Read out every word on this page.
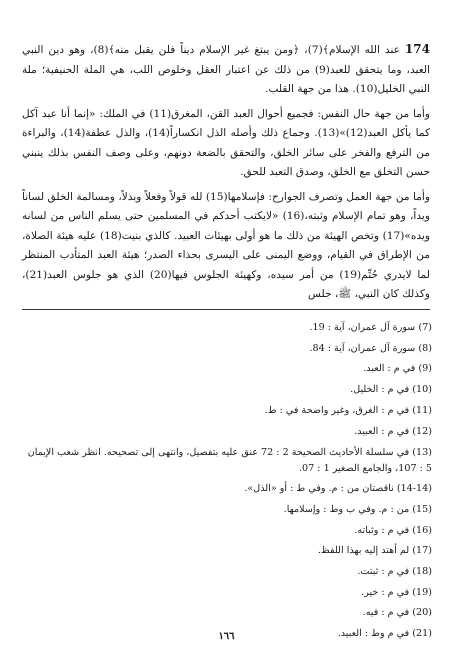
174 عند الله الإسلام﴾(7)، ﴿ومن يبتغ غير الإسلام ديناً فلن يقبل منه﴾(8)، وهو دين النبي العبد، وما يتحقق للعبد(9) من ذلك عن اعتبار العقل وخلوص اللب، هي الملة الحنيفية؛ ملة النبي الخليل(10). هذا من جهة القلب.

وأما من جهة حال النفس: فجميع أحوال العبد القن، المغرق(11) في الملك: «إنما أنا عبد آكل كما يأكل العبد(12)»(13). وجماع ذلك وأصله الذل انكساراً(14)، والذل عطفة(14)، والبراءة من الترفع والفخر على سائر الخلق، والتحقق بالضعة دونهم، وعلى وصف النفس بذلك ينبني حسن التخلق مع الخلق، وصدق التعبد للحق.

وأما من جهة العمل وتصرف الجوارح: فإسلامها(15) لله قولاً وفعلاً وبذلاً، ومسالمة الخلق لساناً ويداً، وهو تمام الإسلام وثبته،(16) «لايكتب أحدكم في المسلمين حتى يسلم الناس من لسانه ويده»(17) وتخص الهيئة من ذلك ما هو أولى بهيئات العبيد. كالذي بنيت(18) عليه هيئة الصلاة، من الإطراق في القيام، ووضع اليمنى على اليسرى بحذاء الصدر؛ هيئة العبد المتأدب المنتظر لما لايدري حُتِّم(19) من أمر سيده، وكهيئة الجلوس فيها(20) الذي هو جلوس العبد(21)، وكذلك كان النبي، ﷺ، جلس

(7) سورة آل عمران، آية : 19.
(8) سورة آل عمران، آية : 84.
(9) في م : العبد.
(10) في م : الخليل.
(11) في م : الغرق، وغير واضحة في : ط.
(12) في م : العبيد.
(13) في سلسلة الأحاديث الصحيحة 2 : 72 عنق عليه بتفصيل، وانتهى إلى تصحيحه. انظر شعب الإيمان 5 : 107، والجامع الصغير 1 : 07.
(14-14) ناقصتان من : م. وفي ط : أو «الذل».
(15) من : م. وفي ب وط : وإسلامها.
(16) في م : وثباته.
(17) لم أهتد إليه بهذا اللفظ.
(18) في م : ثبتت.
(19) في م : خير.
(20) في م : فيه.
(21) في م وط : العبيد.
١٦٦
